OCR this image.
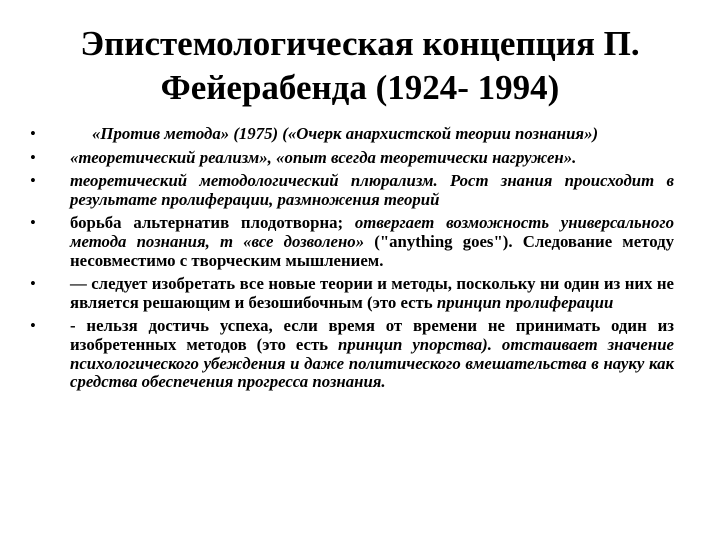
Эпистемологическая концепция П.
Фейерабенда (1924- 1994)
•	«Против метода» (1975) («Очерк анархистской теории познания»)
• «теоретический реализм», «опыт всегда теоретически нагружен».
• теоретический методологический плюрализм. Рост знания происходит в результате пролиферации, размножения теорий
• борьба альтернатив плодотворна; отвергает возможность универсального метода познания, т «все дозволено» ("anything goes"). Следование методу несовместимо с творческим мышлением.
• — следует изобретать все новые теории и методы, поскольку ни один из них не является решающим и безошибочным (это есть принцип пролиферации
• - нельзя достичь успеха, если время от времени не принимать один из изобретенных методов (это есть принцип упорства). отстаивает значение психологического убеждения и даже политического вмешательства в науку как средства обеспечения прогресса познания.
